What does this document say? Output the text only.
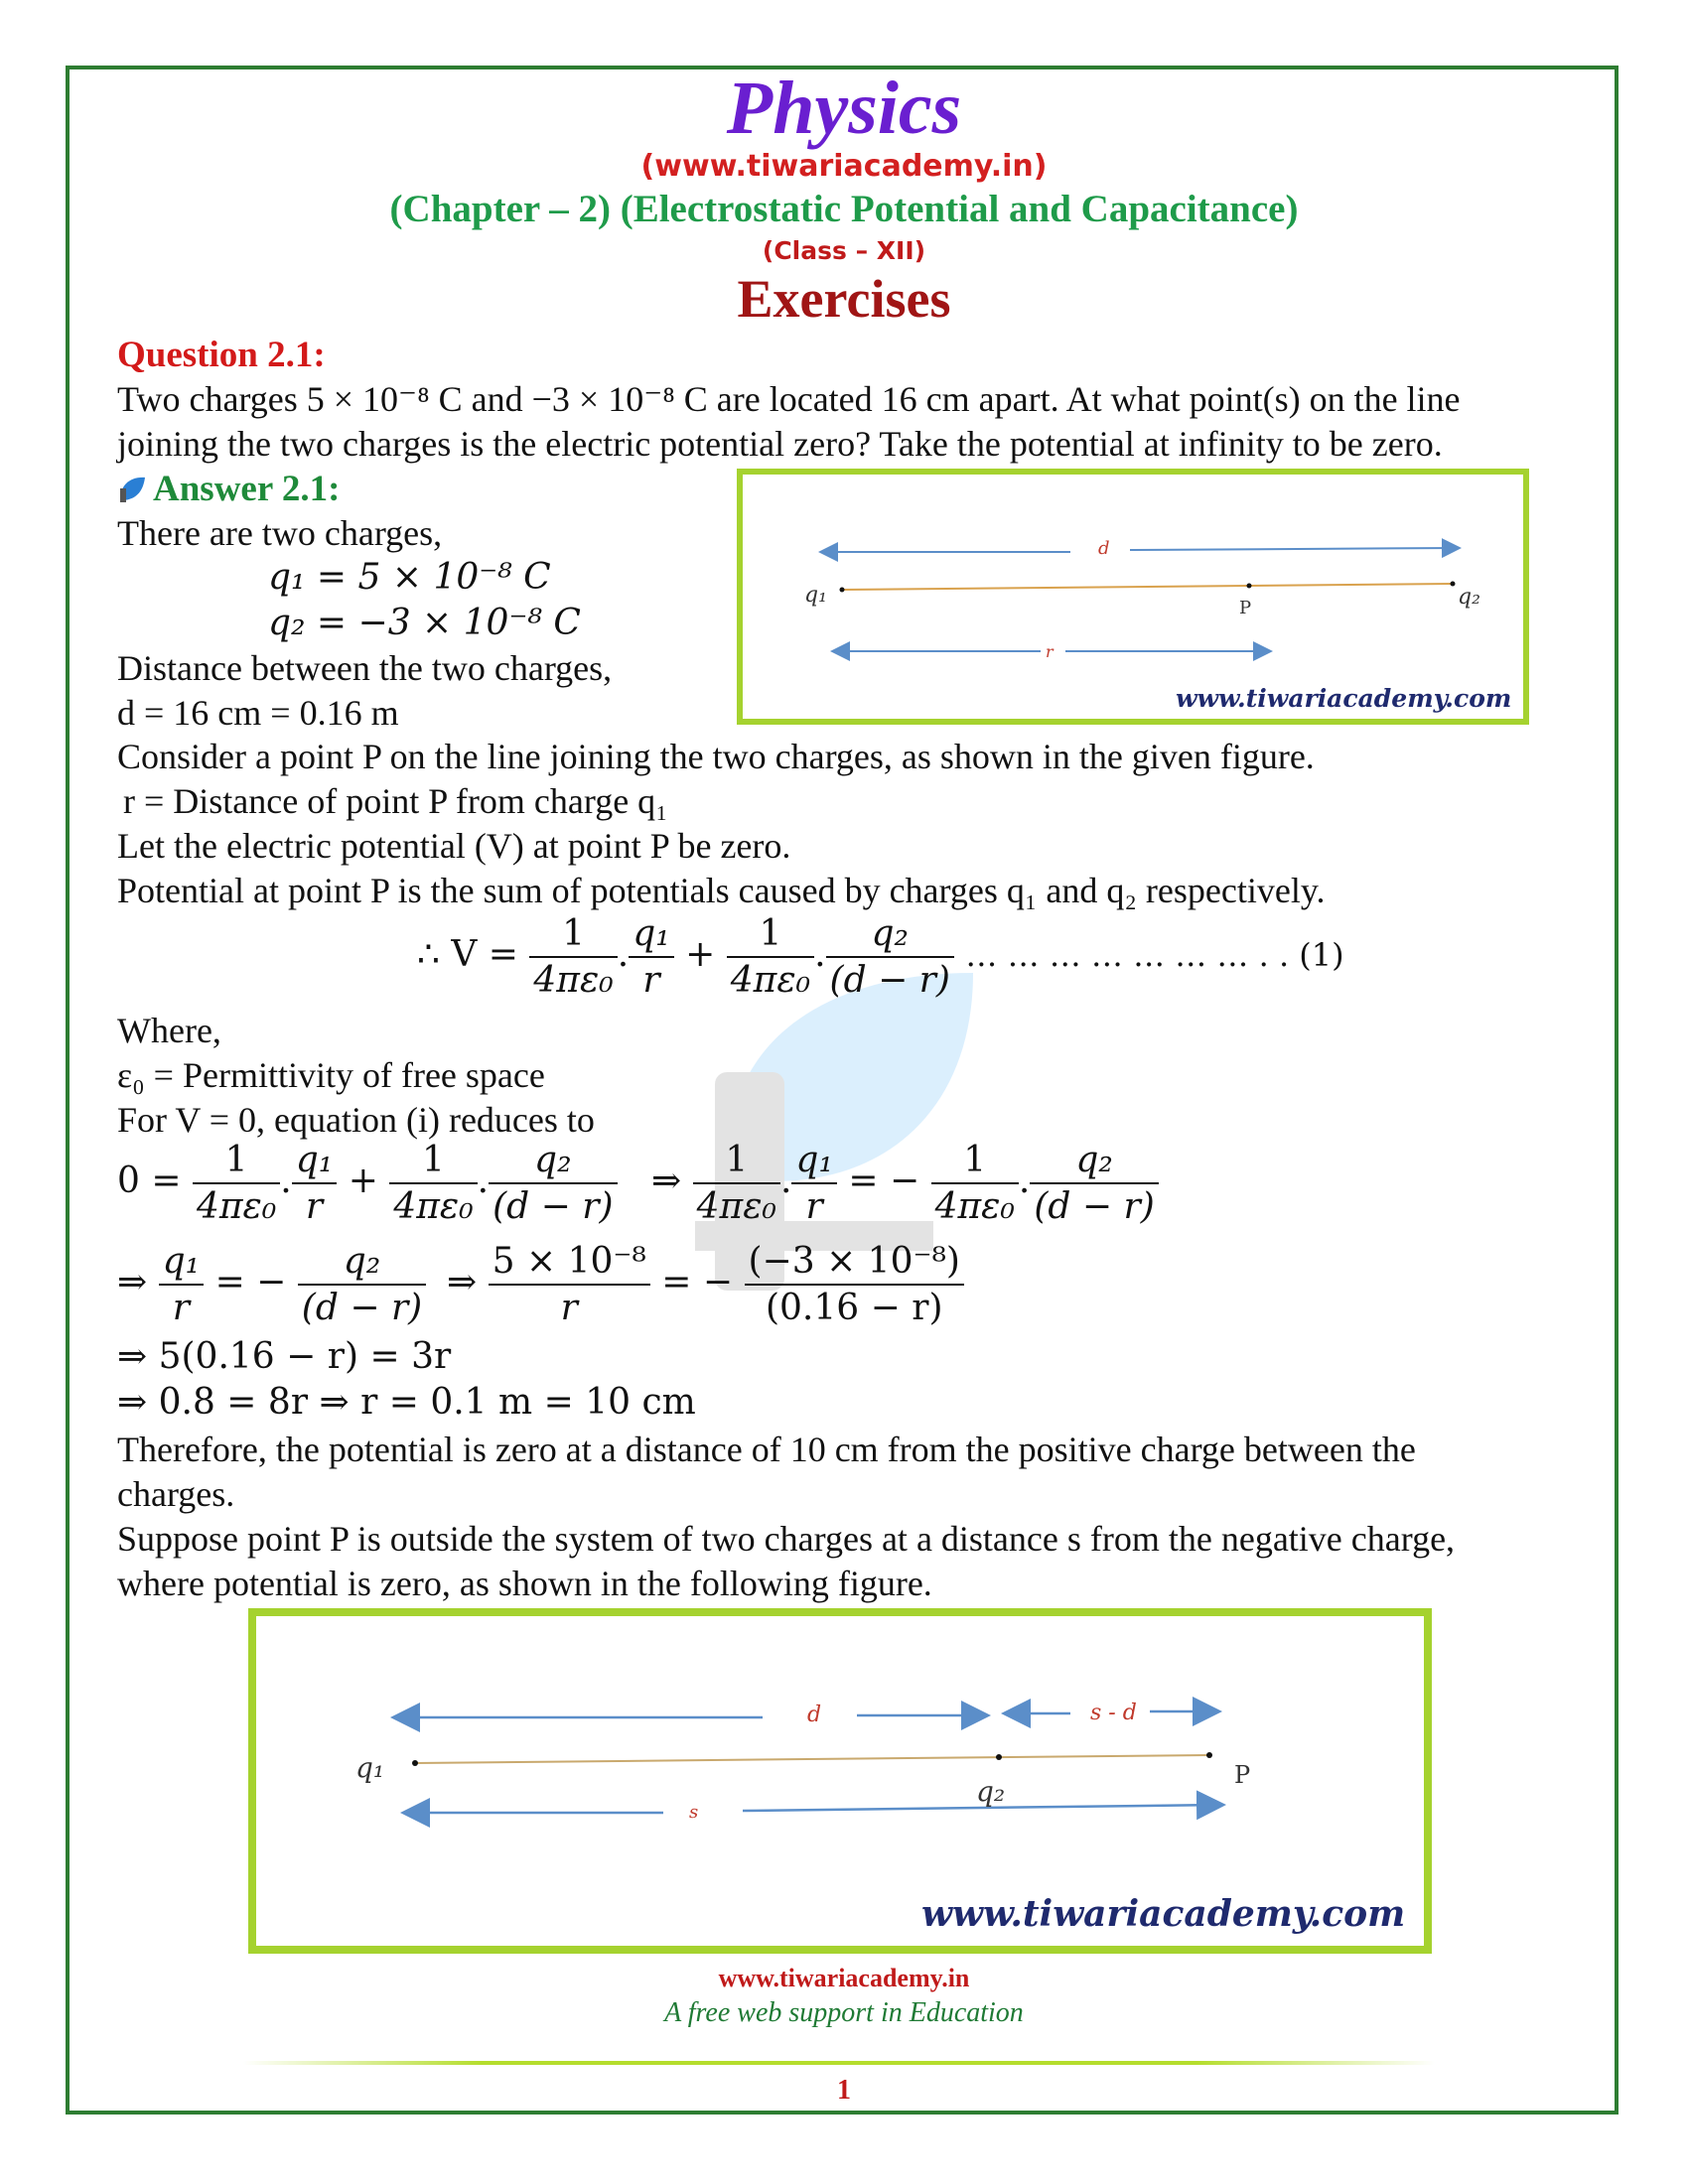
Physics
(www.tiwariacademy.in)
(Chapter – 2) (Electrostatic Potential and Capacitance)
(Class – XII)
Exercises
Question 2.1:
Two charges 5 × 10⁻⁸ C and −3 × 10⁻⁸ C are located 16 cm apart. At what point(s) on the line
joining the two charges is the electric potential zero? Take the potential at infinity to be zero.
Answer 2.1:
There are two charges,
q₁ = 5 × 10⁻⁸ C
q₂ = −3 × 10⁻⁸ C
Distance between the two charges,
d = 16 cm = 0.16 m
d
q₁
P	q₂
r
www.tiwariacademy.com
Consider a point P on the line joining the two charges, as shown in the given figure.
r = Distance of point P from charge q₁
Let the electric potential (V) at point P be zero.
Potential at point P is the sum of potentials caused by charges q₁ and q₂ respectively.
∴ $V = \frac{1}{\text{4πε₀}}$ . $\frac{\text{q₁}}{r} + \frac{1}{\text{4πε₀}}$ . $\frac{\text{q₂}}{(d - r)}$ … … … … … … … . . (1)
Where,
ε₀ = Permittivity of free space
For V = 0, equation (i) reduces to
$0 = \frac{1}{\text{4πε₀}}$ . $\frac{\text{q₁}}{r} + \frac{1}{\text{4πε₀}}$ . $\frac{\text{q₂}}{(d - r)}$ ⇒ $\frac{1}{\text{4πε₀}}$ . $\frac{\text{q₁}}{r}$ = − $\frac{1}{\text{4πε₀}}$ . $\frac{\text{q₂}}{(d - r)}$
⇒ $\frac{\text{q₁}}{r}$ = − $\frac{\text{q₂}}{(d - r)}$ ⇒ $\frac{\text{5 × 10⁻⁸}}{r}$ = − $\frac{\text{(−3 × 10⁻⁸)}}{(0.16 - r)}$
⇒ 5(0.16 − r) = 3r
⇒ 0.8 = 8r ⇒ r = 0.1 m = 10 cm
Therefore, the potential is zero at a distance of 10 cm from the positive charge between the
charges.
Suppose point P is outside the system of two charges at a distance s from the negative charge,
where potential is zero, as shown in the following figure.
d	s - d
q₁
q₂	P
s
www.tiwariacademy.com
www.tiwariacademy.in
A free web support in Education
1
